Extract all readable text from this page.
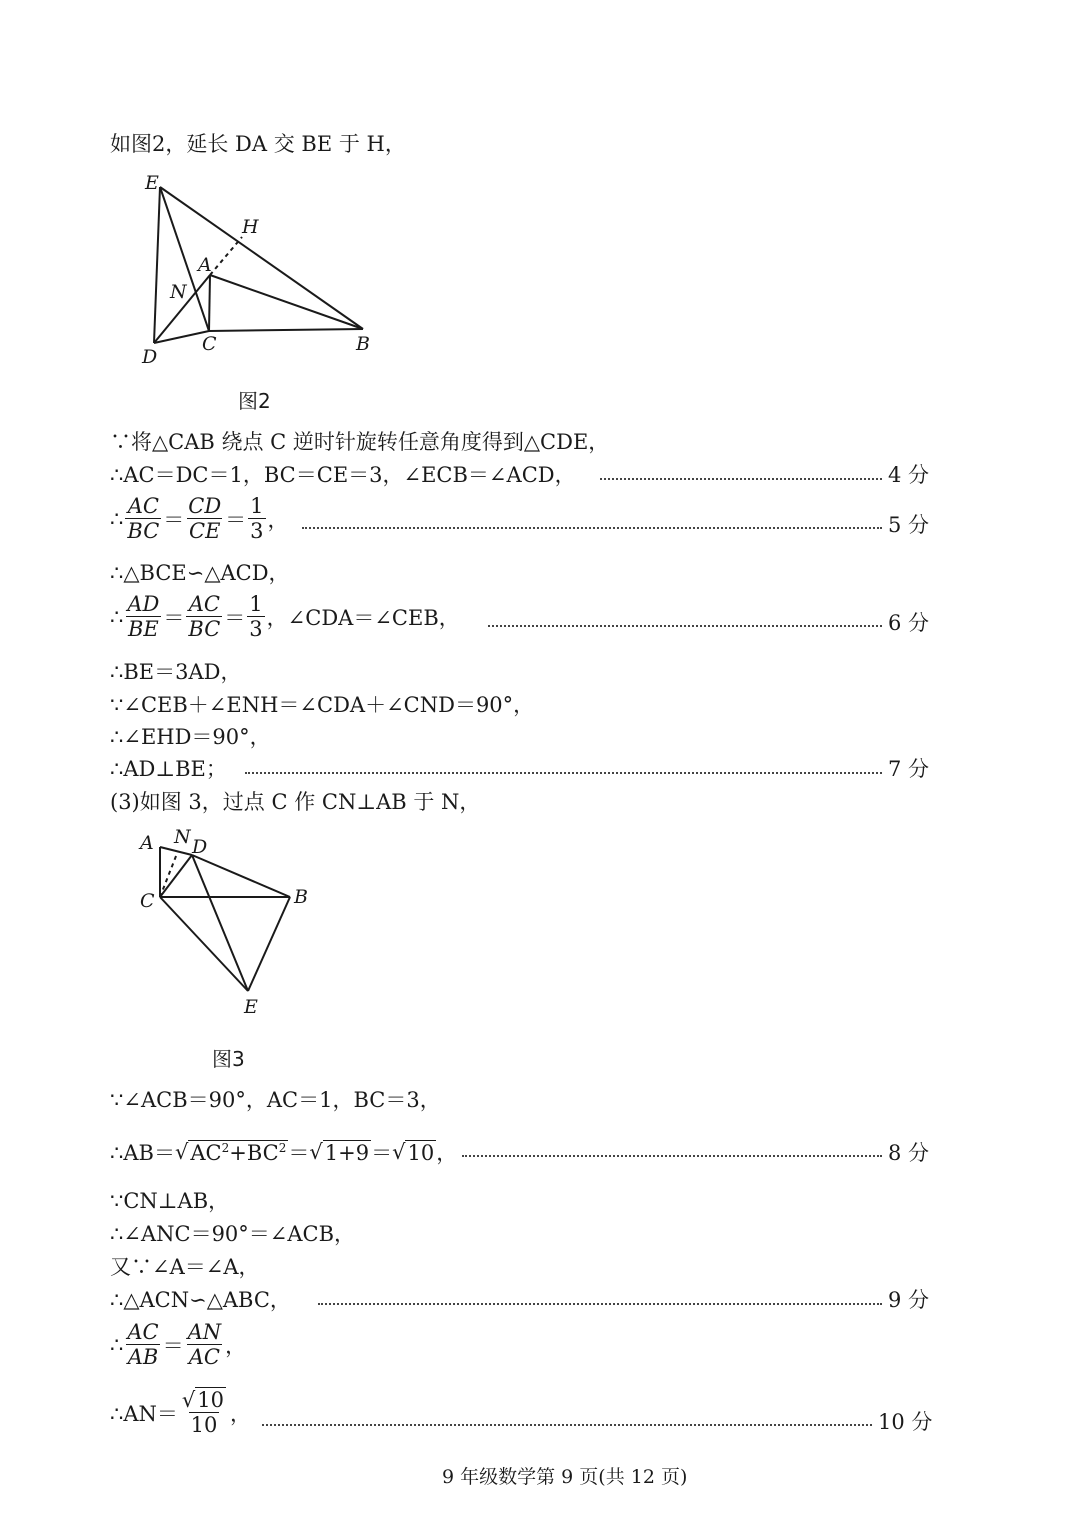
如图2，延长 DA 交 BE 于 H，
E
H
A
N
D
C	B
图2
∵将△CAB 绕点 C 逆时针旋转任意角度得到△CDE，
∴AC＝DC＝1，BC＝CE＝3，∠ECB＝∠ACD，	4 分
∴ $\frac{AC}{BC} = \frac{CD}{CE} = \frac{1}{3}$ ，	5 分
∴△BCE∽△ACD，
∴ $\frac{AD}{BE} = \frac{AC}{BC} = \frac{1}{3}$ ，∠CDA＝∠CEB，	6 分
∴BE＝3AD，
∵∠CEB＋∠ENH＝∠CDA＋∠CND＝90°，
∴∠EHD＝90°，
∴AD⊥BE；	7 分
(3)如图 3，过点 C 作 CN⊥AB 于 N，
A N D
C	B
E
图3
∵∠ACB＝90°，AC＝1，BC＝3，
∴AB＝ √ $AC^2+BC^2$ ＝ √ 1+9 ＝ √ 10 ，	8 分
∵CN⊥AB，
∴∠ANC＝90°＝∠ACB，
又∵∠A＝∠A，
∴△ACN∽△ABC，	9 分
∴ $\frac{AC}{AB} = \frac{AN}{AC}$ ，
∴AN＝ $\frac{√10}{10}$ ，	10 分
9 年级数学第 9 页(共 12 页)
